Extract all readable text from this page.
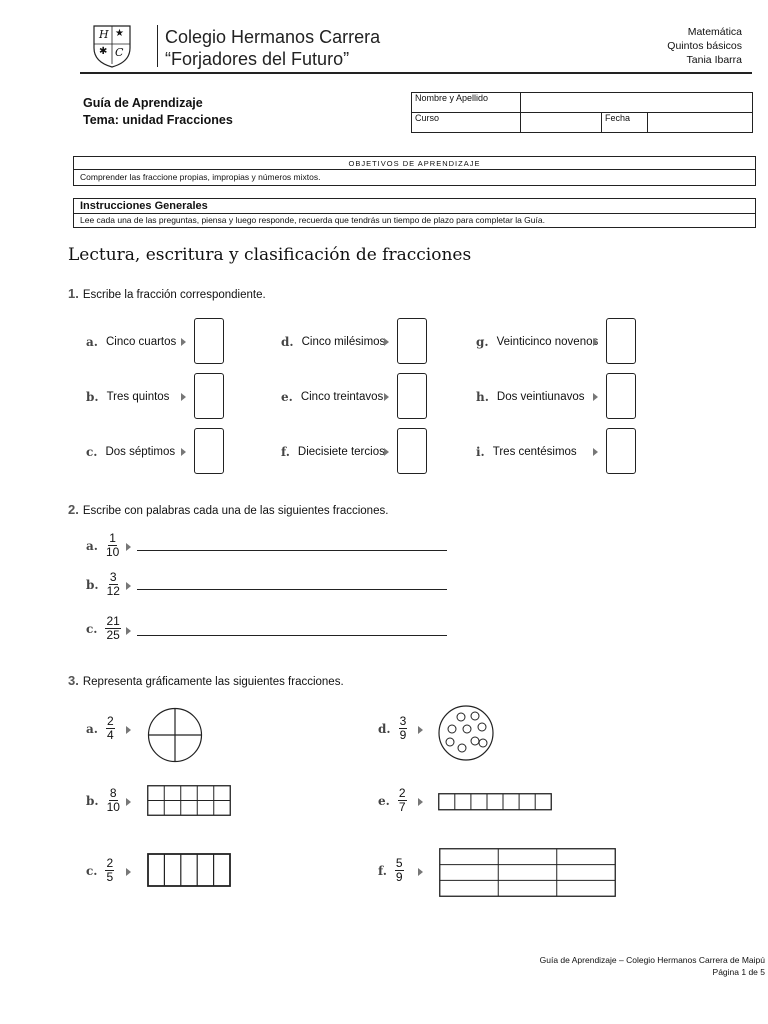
H ★
✱ C
Colegio Hermanos Carrera
“Forjadores del Futuro”
Matemática
Quintos básicos
Tania Ibarra
Guía de Aprendizaje
Tema: unidad Fracciones
Nombre y Apellido			
Curso		Fecha	
OBJETIVOS DE APRENDIZAJE
Comprender las fraccione propias, impropias y números mixtos.
Instrucciones Generales
Lee cada una de las preguntas, piensa y luego responde, recuerda que tendrás un tiempo de plazo para completar la Guía.
Lectura, escritura y clasificación de fracciones
1. Escribe la fracción correspondiente.
a. Cinco cuartos
b. Tres quintos
c. Dos séptimos
d. Cinco milésimos
e. Cinco treintavos
f. Diecisiete tercios
g. Veinticinco novenos
h. Dos veintiunavos
i. Tres centésimos
2. Escribe con palabras cada una de las siguientes fracciones.
a. $\frac{1}{10}$
b. $\frac{3}{12}$
c. $\frac{21}{25}$
3. Representa gráficamente las siguientes fracciones.
a. $\frac{2}{4}$
b. $\frac{8}{10}$
c. $\frac{2}{5}$
d. $\frac{3}{9}$
e. $\frac{2}{7}$
f. $\frac{5}{9}$
Guía de Aprendizaje – Colegio Hermanos Carrera de Maipú
Página 1 de 5
